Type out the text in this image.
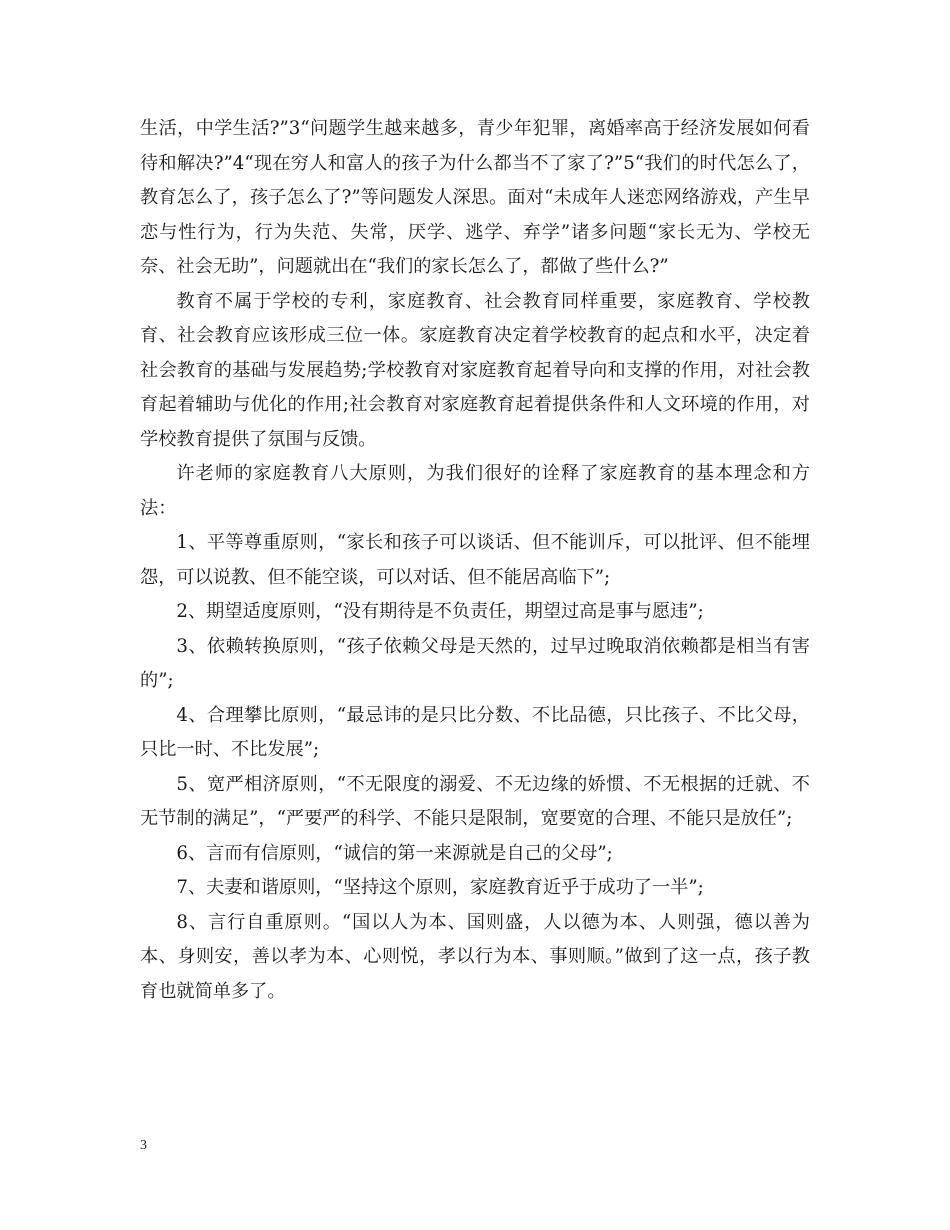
生活，中学生活?”3“问题学生越来越多，青少年犯罪，离婚率高于经济发展如何看待和解决?”4“现在穷人和富人的孩子为什么都当不了家了?”5“我们的时代怎么了，教育怎么了，孩子怎么了?”等问题发人深思。面对“未成年人迷恋网络游戏，产生早恋与性行为，行为失范、失常，厌学、逃学、弃学”诸多问题“家长无为、学校无奈、社会无助”，问题就出在“我们的家长怎么了，都做了些什么?”

教育不属于学校的专利，家庭教育、社会教育同样重要，家庭教育、学校教育、社会教育应该形成三位一体。家庭教育决定着学校教育的起点和水平，决定着社会教育的基础与发展趋势;学校教育对家庭教育起着导向和支撑的作用，对社会教育起着辅助与优化的作用;社会教育对家庭教育起着提供条件和人文环境的作用，对学校教育提供了氛围与反馈。

许老师的家庭教育八大原则，为我们很好的诠释了家庭教育的基本理念和方法：

1、平等尊重原则，“家长和孩子可以谈话、但不能训斥，可以批评、但不能埋怨，可以说教、但不能空谈，可以对话、但不能居高临下”;

2、期望适度原则，“没有期待是不负责任，期望过高是事与愿违”;

3、依赖转换原则，“孩子依赖父母是天然的，过早过晚取消依赖都是相当有害的”;

4、合理攀比原则，“最忌讳的是只比分数、不比品德，只比孩子、不比父母，只比一时、不比发展”;

5、宽严相济原则，“不无限度的溺爱、不无边缘的娇惯、不无根据的迁就、不无节制的满足”，“严要严的科学、不能只是限制，宽要宽的合理、不能只是放任”;

6、言而有信原则，“诚信的第一来源就是自己的父母”;

7、夫妻和谐原则，“坚持这个原则，家庭教育近乎于成功了一半”;

8、言行自重原则。“国以人为本、国则盛，人以德为本、人则强，德以善为本、身则安，善以孝为本、心则悦，孝以行为本、事则顺。”做到了这一点，孩子教育也就简单多了。

3
